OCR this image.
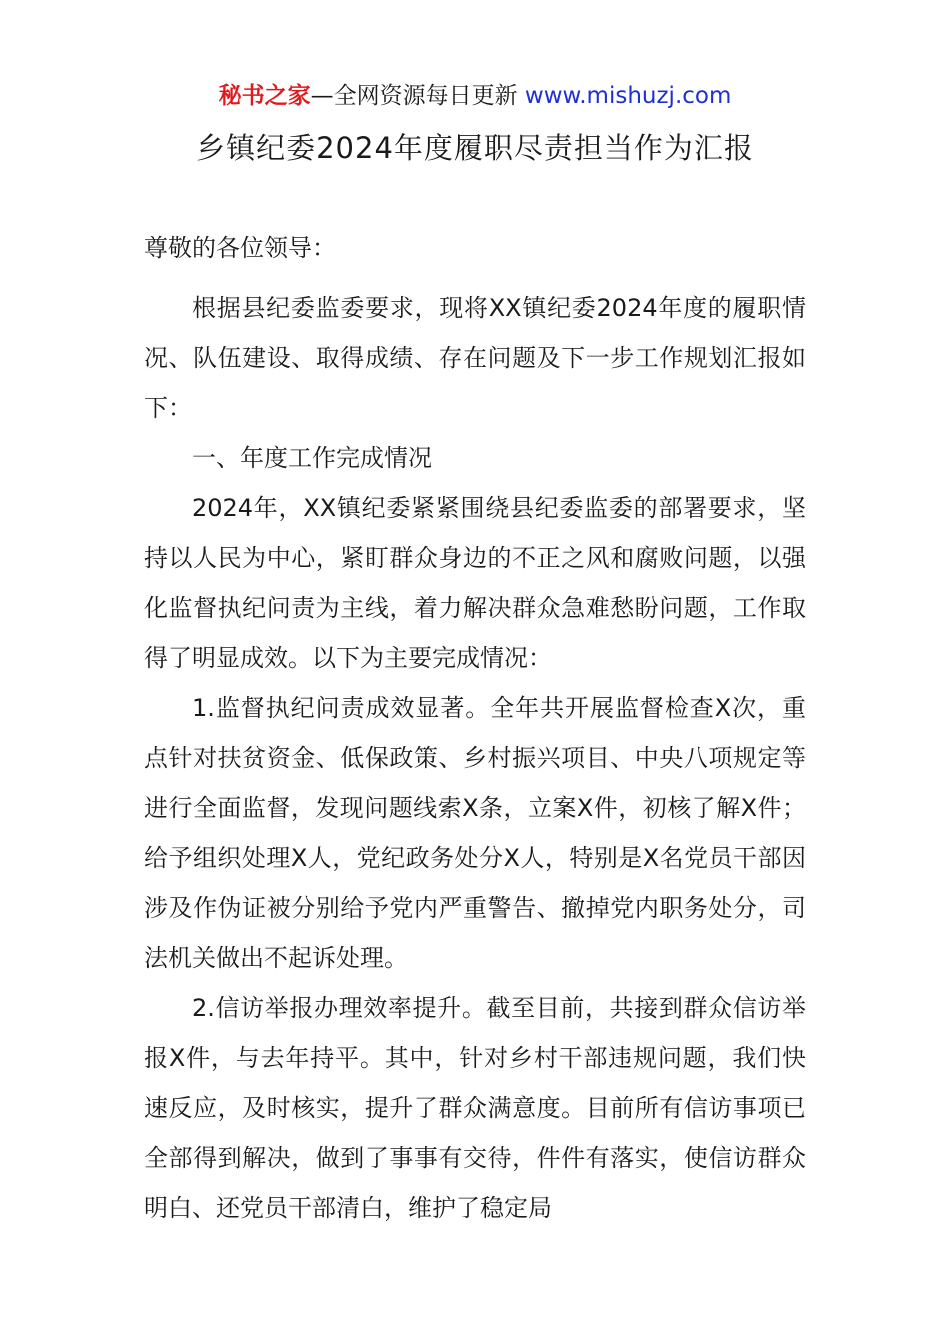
秘书之家—全网资源每日更新 www.mishuzj.com
乡镇纪委2024年度履职尽责担当作为汇报

尊敬的各位领导：

根据县纪委监委要求，现将XX镇纪委2024年度的履职情况、队伍建设、取得成绩、存在问题及下一步工作规划汇报如下：

一、年度工作完成情况

2024年，XX镇纪委紧紧围绕县纪委监委的部署要求，坚持以人民为中心，紧盯群众身边的不正之风和腐败问题，以强化监督执纪问责为主线，着力解决群众急难愁盼问题，工作取得了明显成效。以下为主要完成情况：

1.监督执纪问责成效显著。全年共开展监督检查X次，重点针对扶贫资金、低保政策、乡村振兴项目、中央八项规定等进行全面监督，发现问题线索X条，立案X件，初核了解X件；给予组织处理X人，党纪政务处分X人，特别是X名党员干部因涉及作伪证被分别给予党内严重警告、撤掉党内职务处分，司法机关做出不起诉处理。

2.信访举报办理效率提升。截至目前，共接到群众信访举报X件，与去年持平。其中，针对乡村干部违规问题，我们快速反应，及时核实，提升了群众满意度。目前所有信访事项已全部得到解决，做到了事事有交待，件件有落实，使信访群众明白、还党员干部清白，维护了稳定局
